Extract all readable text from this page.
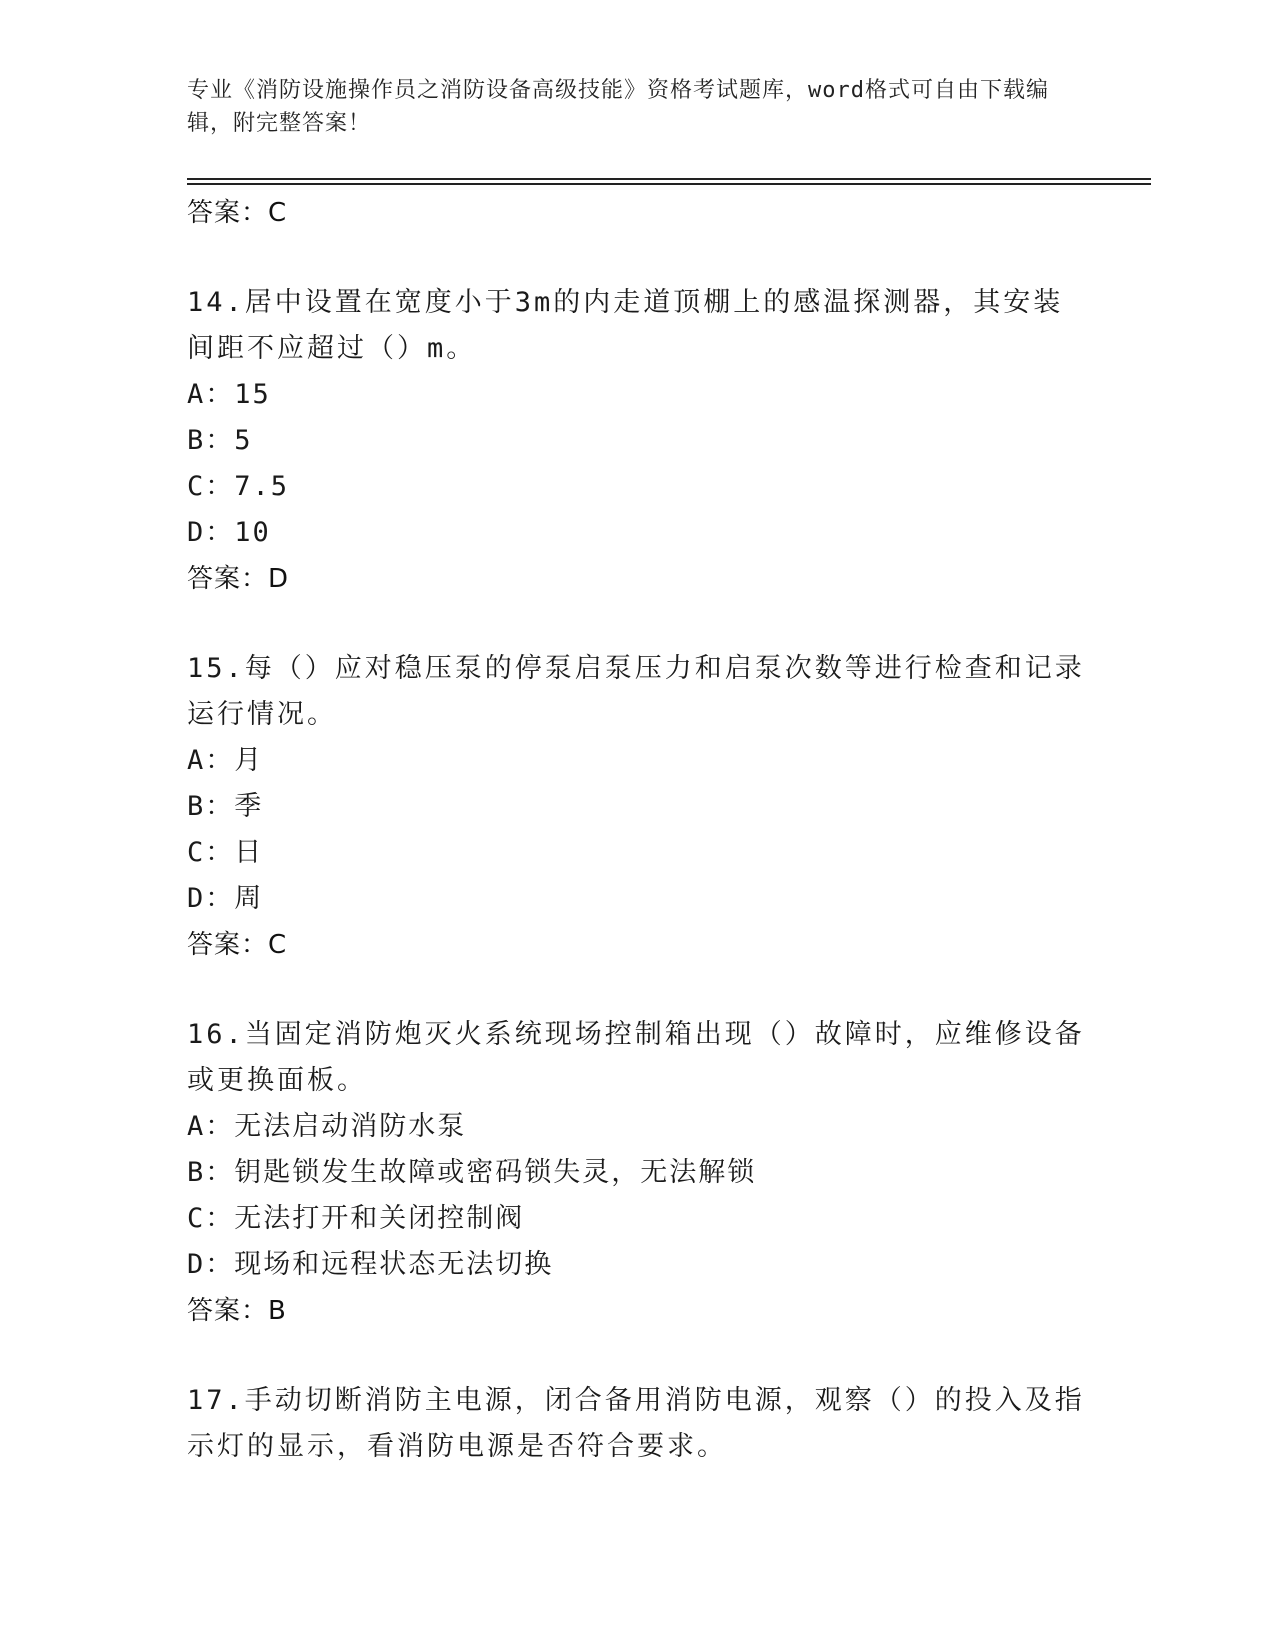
专业《消防设施操作员之消防设备高级技能》资格考试题库，word格式可自由下载编辑，附完整答案！
答案：C
14.居中设置在宽度小于3m的内走道顶棚上的感温探测器，其安装间距不应超过（）m。
A：15
B：5
C：7.5
D：10
答案：D
15.每（）应对稳压泵的停泵启泵压力和启泵次数等进行检查和记录运行情况。
A：月
B：季
C：日
D：周
答案：C
16.当固定消防炮灭火系统现场控制箱出现（）故障时，应维修设备或更换面板。
A：无法启动消防水泵
B：钥匙锁发生故障或密码锁失灵，无法解锁
C：无法打开和关闭控制阀
D：现场和远程状态无法切换
答案：B
17.手动切断消防主电源，闭合备用消防电源，观察（）的投入及指示灯的显示，看消防电源是否符合要求。
